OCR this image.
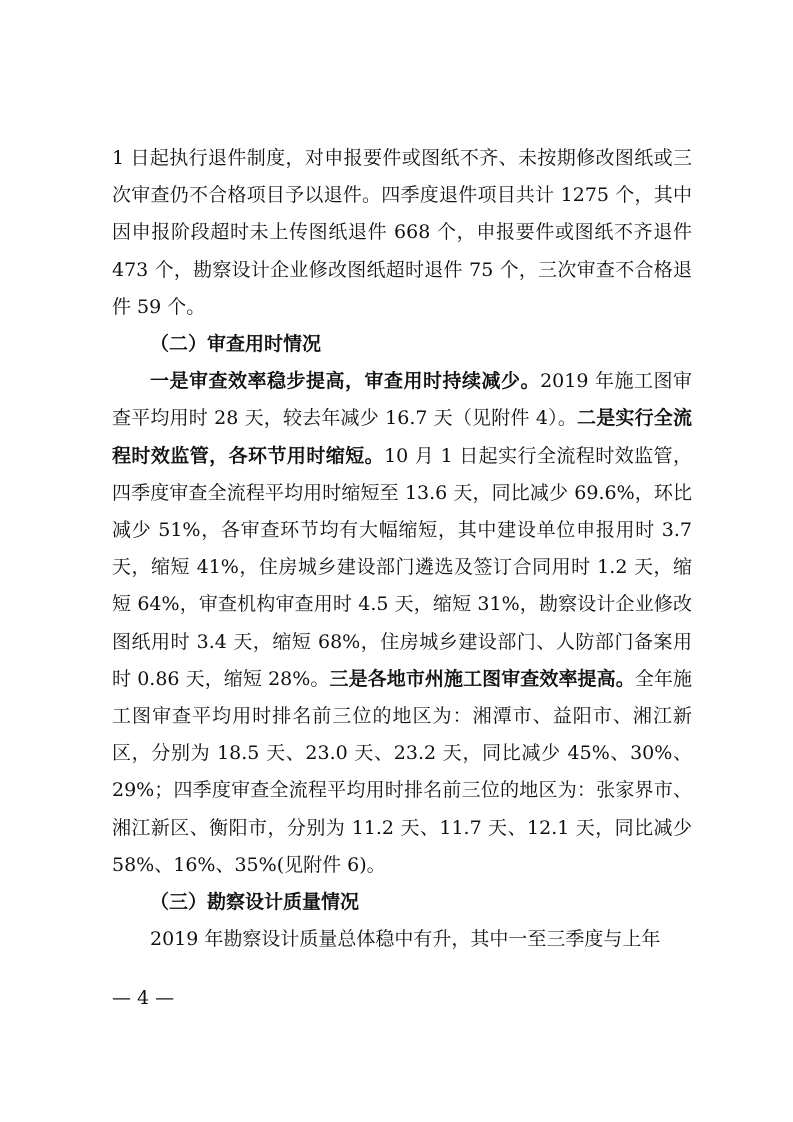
1 日起执行退件制度，对申报要件或图纸不齐、未按期修改图纸或三次审查仍不合格项目予以退件。四季度退件项目共计 1275 个，其中因申报阶段超时未上传图纸退件 668 个，申报要件或图纸不齐退件 473 个，勘察设计企业修改图纸超时退件 75 个，三次审查不合格退件 59 个。

（二）审查用时情况

一是审查效率稳步提高，审查用时持续减少。2019 年施工图审查平均用时 28 天，较去年减少 16.7 天（见附件 4）。二是实行全流程时效监管，各环节用时缩短。10 月 1 日起实行全流程时效监管，四季度审查全流程平均用时缩短至 13.6 天，同比减少 69.6%，环比减少 51%，各审查环节均有大幅缩短，其中建设单位申报用时 3.7 天，缩短 41%，住房城乡建设部门遴选及签订合同用时 1.2 天，缩短 64%，审查机构审查用时 4.5 天，缩短 31%，勘察设计企业修改图纸用时 3.4 天，缩短 68%，住房城乡建设部门、人防部门备案用时 0.86 天，缩短 28%。三是各地市州施工图审查效率提高。全年施工图审查平均用时排名前三位的地区为：湘潭市、益阳市、湘江新区，分别为 18.5 天、23.0 天、23.2 天，同比减少 45%、30%、29%；四季度审查全流程平均用时排名前三位的地区为：张家界市、湘江新区、衡阳市，分别为 11.2 天、11.7 天、12.1 天，同比减少 58%、16%、35%(见附件 6)。

（三）勘察设计质量情况

2019 年勘察设计质量总体稳中有升，其中一至三季度与上年

— 4 —
